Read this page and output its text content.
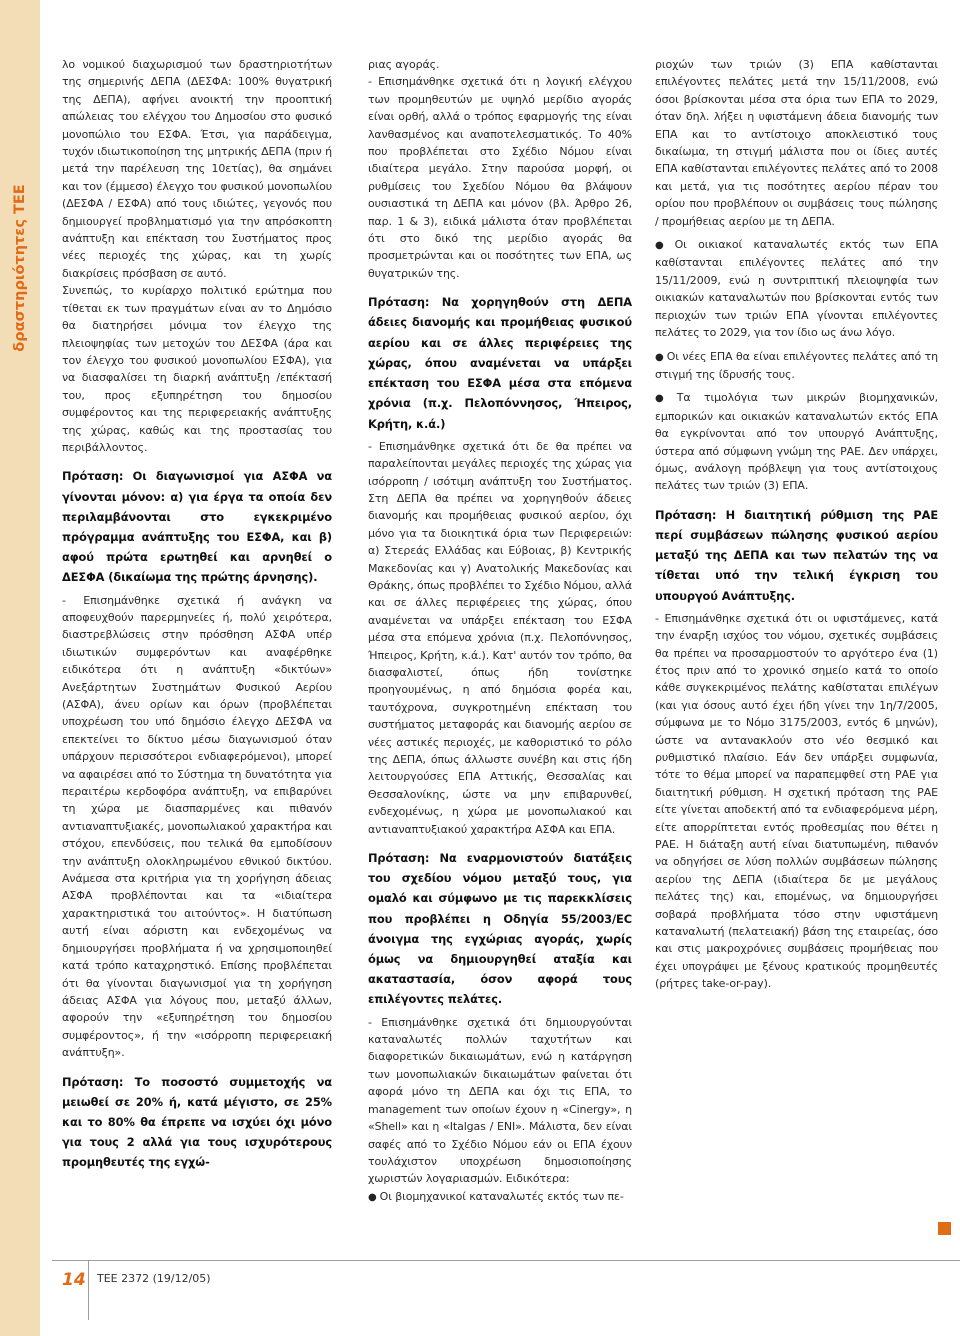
δραστηριότητες ΤΕΕ

λο νομικού διαχωρισμού των δραστηριοτήτων της σημερινής ΔΕΠΑ (ΔΕΣΦΑ: 100% θυγατρική της ΔΕΠΑ), αφήνει ανοικτή την προοπτική απώλειας του ελέγχου του Δημοσίου στο φυσικό μονοπώλιο του ΕΣΦΑ. Έτσι, για παράδειγμα, τυχόν ιδιωτικοποίηση της μητρικής ΔΕΠΑ (πριν ή μετά την παρέλευση της 10ετίας), θα σημάνει και τον (έμμεσο) έλεγχο του φυσικού μονοπωλίου (ΔΕΣΦΑ / ΕΣΦΑ) από τους ιδιώτες, γεγονός που δημιουργεί προβληματισμό για την απρόσκοπτη ανάπτυξη και επέκταση του Συστήματος προς νέες περιοχές της χώρας, και τη χωρίς διακρίσεις πρόσβαση σε αυτό.

Συνεπώς, το κυρίαρχο πολιτικό ερώτημα που τίθεται εκ των πραγμάτων είναι αν το Δημόσιο θα διατηρήσει μόνιμα τον έλεγχο της πλειοψηφίας των μετοχών του ΔΕΣΦΑ (άρα και τον έλεγχο του φυσικού μονοπωλίου ΕΣΦΑ), για να διασφαλίσει τη διαρκή ανάπτυξη /επέκτασή του, προς εξυπηρέτηση του δημοσίου συμφέροντος και της περιφερειακής ανάπτυξης της χώρας, καθώς και της προστασίας του περιβάλλοντος.

Πρόταση: Οι διαγωνισμοί για ΑΣΦΑ να γίνονται μόνον: α) για έργα τα οποία δεν περιλαμβάνονται στο εγκεκριμένο πρόγραμμα ανάπτυξης του ΕΣΦΑ, και β) αφού πρώτα ερωτηθεί και αρνηθεί ο ΔΕΣΦΑ (δικαίωμα της πρώτης άρνησης).

- Επισημάνθηκε σχετικά ή ανάγκη να αποφευχθούν παρερμηνείες ή, πολύ χειρότερα, διαστρεβλώσεις στην πρόσθηση ΑΣΦΑ υπέρ ιδιωτικών συμφερόντων και αναφέρθηκε ειδικότερα ότι η ανάπτυξη «δικτύων» Ανεξάρτητων Συστημάτων Φυσικού Αερίου (ΑΣΦΑ), άνευ ορίων και όρων (προβλέπεται υποχρέωση του υπό δημόσιο έλεγχο ΔΕΣΦΑ να επεκτείνει το δίκτυο μέσω διαγωνισμού όταν υπάρχουν περισσότεροι ενδιαφερόμενοι), μπορεί να αφαιρέσει από το Σύστημα τη δυνατότητα για περαιτέρω κερδοφόρα ανάπτυξη, να επιβαρύνει τη χώρα με διασπαρμένες και πιθανόν αντιαναπτυξιακές, μονοπωλιακού χαρακτήρα και στόχου, επενδύσεις, που τελικά θα εμποδίσουν την ανάπτυξη ολοκληρωμένου εθνικού δικτύου. Ανάμεσα στα κριτήρια για τη χορήγηση άδειας ΑΣΦΑ προβλέπονται και τα «ιδιαίτερα χαρακτηριστικά του αιτούντος». Η διατύπωση αυτή είναι αόριστη και ενδεχομένως να δημιουργήσει προβλήματα ή να χρησιμοποιηθεί κατά τρόπο καταχρηστικό. Επίσης προβλέπεται ότι θα γίνονται διαγωνισμοί για τη χορήγηση άδειας ΑΣΦΑ για λόγους που, μεταξύ άλλων, αφορούν την «εξυπηρέτηση του δημοσίου συμφέροντος», ή την «ισόρροπη περιφερειακή ανάπτυξη».

Πρόταση: Το ποσοστό συμμετοχής να μειωθεί σε 20% ή, κατά μέγιστο, σε 25% και το 80% θα έπρεπε να ισχύει όχι μόνο για τους 2 αλλά για τους ισχυρότερους προμηθευτές της εγχώ-

ριας αγοράς.

- Επισημάνθηκε σχετικά ότι η λογική ελέγχου των προμηθευτών με υψηλό μερίδιο αγοράς είναι ορθή, αλλά ο τρόπος εφαρμογής της είναι λανθασμένος και αναποτελεσματικός. Το 40% που προβλέπεται στο Σχέδιο Νόμου είναι ιδιαίτερα μεγάλο. Στην παρούσα μορφή, οι ρυθμίσεις του Σχεδίου Νόμου θα βλάψουν ουσιαστικά τη ΔΕΠΑ και μόνον (βλ. Άρθρο 26, παρ. 1 & 3), ειδικά μάλιστα όταν προβλέπεται ότι στο δικό της μερίδιο αγοράς θα προσμετρώνται και οι ποσότητες των ΕΠΑ, ως θυγατρικών της.

Πρόταση: Να χορηγηθούν στη ΔΕΠΑ άδειες διανομής και προμήθειας φυσικού αερίου και σε άλλες περιφέρειες της χώρας, όπου αναμένεται να υπάρξει επέκταση του ΕΣΦΑ μέσα στα επόμενα χρόνια (π.χ. Πελοπόννησος, Ήπειρος, Κρήτη, κ.ά.)

- Επισημάνθηκε σχετικά ότι δε θα πρέπει να παραλείπονται μεγάλες περιοχές της χώρας για ισόρροπη / ισότιμη ανάπτυξη του Συστήματος. Στη ΔΕΠΑ θα πρέπει να χορηγηθούν άδειες διανομής και προμήθειας φυσικού αερίου, όχι μόνο για τα διοικητικά όρια των Περιφερειών: α) Στερεάς Ελλάδας και Εύβοιας, β) Κεντρικής Μακεδονίας και γ) Ανατολικής Μακεδονίας και Θράκης, όπως προβλέπει το Σχέδιο Νόμου, αλλά και σε άλλες περιφέρειες της χώρας, όπου αναμένεται να υπάρξει επέκταση του ΕΣΦΑ μέσα στα επόμενα χρόνια (π.χ. Πελοπόννησος, Ήπειρος, Κρήτη, κ.ά.). Κατ' αυτόν τον τρόπο, θα διασφαλιστεί, όπως ήδη τονίστηκε προηγουμένως, η από δημόσια φορέα και, ταυτόχρονα, συγκροτημένη επέκταση του συστήματος μεταφοράς και διανομής αερίου σε νέες αστικές περιοχές, με καθοριστικό το ρόλο της ΔΕΠΑ, όπως άλλωστε συνέβη και στις ήδη λειτουργούσες ΕΠΑ Αττικής, Θεσσαλίας και Θεσσαλονίκης, ώστε να μην επιβαρυνθεί, ενδεχομένως, η χώρα με μονοπωλιακού και αντιαναπτυξιακού χαρακτήρα ΑΣΦΑ και ΕΠΑ.

Πρόταση: Να εναρμονιστούν διατάξεις του σχεδίου νόμου μεταξύ τους, για ομαλό και σύμφωνο με τις παρεκκλίσεις που προβλέπει η Οδηγία 55/2003/ΕC άνοιγμα της εγχώριας αγοράς, χωρίς όμως να δημιουργηθεί αταξία και ακαταστασία, όσον αφορά τους επιλέγοντες πελάτες.

- Επισημάνθηκε σχετικά ότι δημιουργούνται καταναλωτές πολλών ταχυτήτων και διαφορετικών δικαιωμάτων, ενώ η κατάργηση των μονοπωλιακών δικαιωμάτων φαίνεται ότι αφορά μόνο τη ΔΕΠΑ και όχι τις ΕΠΑ, το management των οποίων έχουν η «Cinergy», η «Shell» και η «Italgas / ENI». Μάλιστα, δεν είναι σαφές από το Σχέδιο Νόμου εάν οι ΕΠΑ έχουν τουλάχιστον υποχρέωση δημοσιοποίησης χωριστών λογαριασμών. Ειδικότερα:

● Οι βιομηχανικοί καταναλωτές εκτός των πε-

ριοχών των τριών (3) ΕΠΑ καθίστανται επιλέγοντες πελάτες μετά την 15/11/2008, ενώ όσοι βρίσκονται μέσα στα όρια των ΕΠΑ το 2029, όταν δηλ. λήξει η υφιστάμενη άδεια διανομής των ΕΠΑ και το αντίστοιχο αποκλειστικό τους δικαίωμα, τη στιγμή μάλιστα που οι ίδιες αυτές ΕΠΑ καθίστανται επιλέγοντες πελάτες από το 2008 και μετά, για τις ποσότητες αερίου πέραν του ορίου που προβλέπουν οι συμβάσεις τους πώλησης / προμήθειας αερίου με τη ΔΕΠΑ.

● Οι οικιακοί καταναλωτές εκτός των ΕΠΑ καθίστανται επιλέγοντες πελάτες από την 15/11/2009, ενώ η συντριπτική πλειοψηφία των οικιακών καταναλωτών που βρίσκονται εντός των περιοχών των τριών ΕΠΑ γίνονται επιλέγοντες πελάτες το 2029, για τον ίδιο ως άνω λόγο.

● Οι νέες ΕΠΑ θα είναι επιλέγοντες πελάτες από τη στιγμή της ίδρυσής τους.

● Τα τιμολόγια των μικρών βιομηχανικών, εμπορικών και οικιακών καταναλωτών εκτός ΕΠΑ θα εγκρίνονται από τον υπουργό Ανάπτυξης, ύστερα από σύμφωνη γνώμη της ΡΑΕ. Δεν υπάρχει, όμως, ανάλογη πρόβλεψη για τους αντίστοιχους πελάτες των τριών (3) ΕΠΑ.

Πρόταση: Η διαιτητική ρύθμιση της ΡΑΕ περί συμβάσεων πώλησης φυσικού αερίου μεταξύ της ΔΕΠΑ και των πελατών της να τίθεται υπό την τελική έγκριση του υπουργού Ανάπτυξης.

- Επισημάνθηκε σχετικά ότι οι υφιστάμενες, κατά την έναρξη ισχύος του νόμου, σχετικές συμβάσεις θα πρέπει να προσαρμοστούν το αργότερο ένα (1) έτος πριν από το χρονικό σημείο κατά το οποίο κάθε συγκεκριμένος πελάτης καθίσταται επιλέγων (και για όσους αυτό έχει ήδη γίνει την 1η/7/2005, σύμφωνα με το Νόμο 3175/2003, εντός 6 μηνών), ώστε να αντανακλούν στο νέο θεσμικό και ρυθμιστικό πλαίσιο. Εάν δεν υπάρξει συμφωνία, τότε το θέμα μπορεί να παραπεμφθεί στη ΡΑΕ για διαιτητική ρύθμιση. Η σχετική πρόταση της ΡΑΕ είτε γίνεται αποδεκτή από τα ενδιαφερόμενα μέρη, είτε απορρίπτεται εντός προθεσμίας που θέτει η ΡΑΕ. Η διάταξη αυτή είναι διατυπωμένη, πιθανόν να οδηγήσει σε λύση πολλών συμβάσεων πώλησης αερίου της ΔΕΠΑ (ιδιαίτερα δε με μεγάλους πελάτες της) και, επομένως, να δημιουργήσει σοβαρά προβλήματα τόσο στην υφιστάμενη καταναλωτή (πελατειακή) βάση της εταιρείας, όσο και στις μακροχρόνιες συμβάσεις προμήθειας που έχει υπογράψει με ξένους κρατικούς προμηθευτές (ρήτρες take-or-pay).

14 ΤΕΕ 2372 (19/12/05)
